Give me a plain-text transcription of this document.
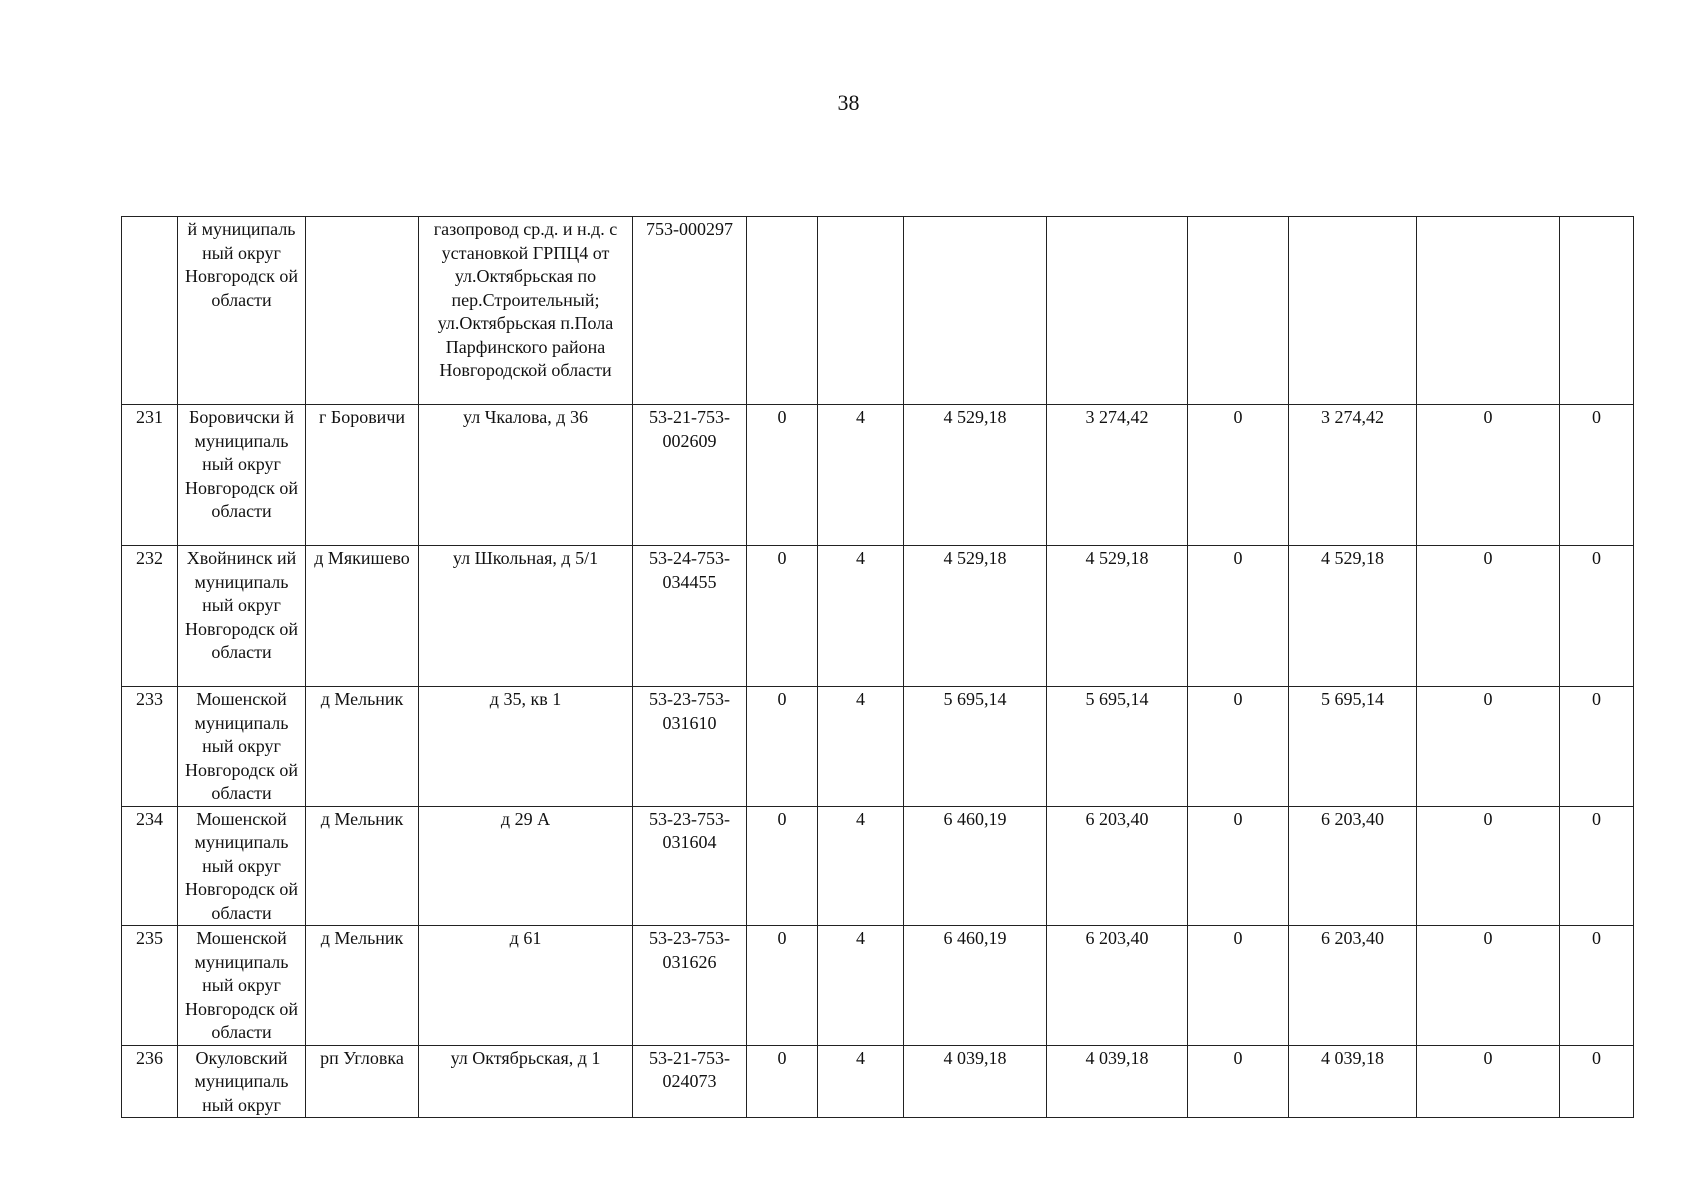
38
	й муниципаль ный округ Новгородск ой области		газопровод ср.д. и н.д. с установкой ГРПЦ4 от ул.Октябрьская по пер.Строительный; ул.Октябрьская п.Пола Парфинского района Новгородской области	753-000297								
231	Боровичски й муниципаль ный округ Новгородск ой области	г Боровичи	ул Чкалова, д 36	53-21-753-002609	0	4	4 529,18	3 274,42	0	3 274,42	0	0
232	Хвойнинск ий муниципаль ный округ Новгородск ой области	д Мякишево	ул Школьная, д 5/1	53-24-753-034455	0	4	4 529,18	4 529,18	0	4 529,18	0	0
233	Мошенской муниципаль ный округ Новгородск ой области	д Мельник	д 35, кв 1	53-23-753-031610	0	4	5 695,14	5 695,14	0	5 695,14	0	0
234	Мошенской муниципаль ный округ Новгородск ой области	д Мельник	д 29 А	53-23-753-031604	0	4	6 460,19	6 203,40	0	6 203,40	0	0
235	Мошенской муниципаль ный округ Новгородск ой области	д Мельник	д 61	53-23-753-031626	0	4	6 460,19	6 203,40	0	6 203,40	0	0
236	Окуловский муниципаль ный округ	рп Угловка	ул Октябрьская, д 1	53-21-753-024073	0	4	4 039,18	4 039,18	0	4 039,18	0	0
